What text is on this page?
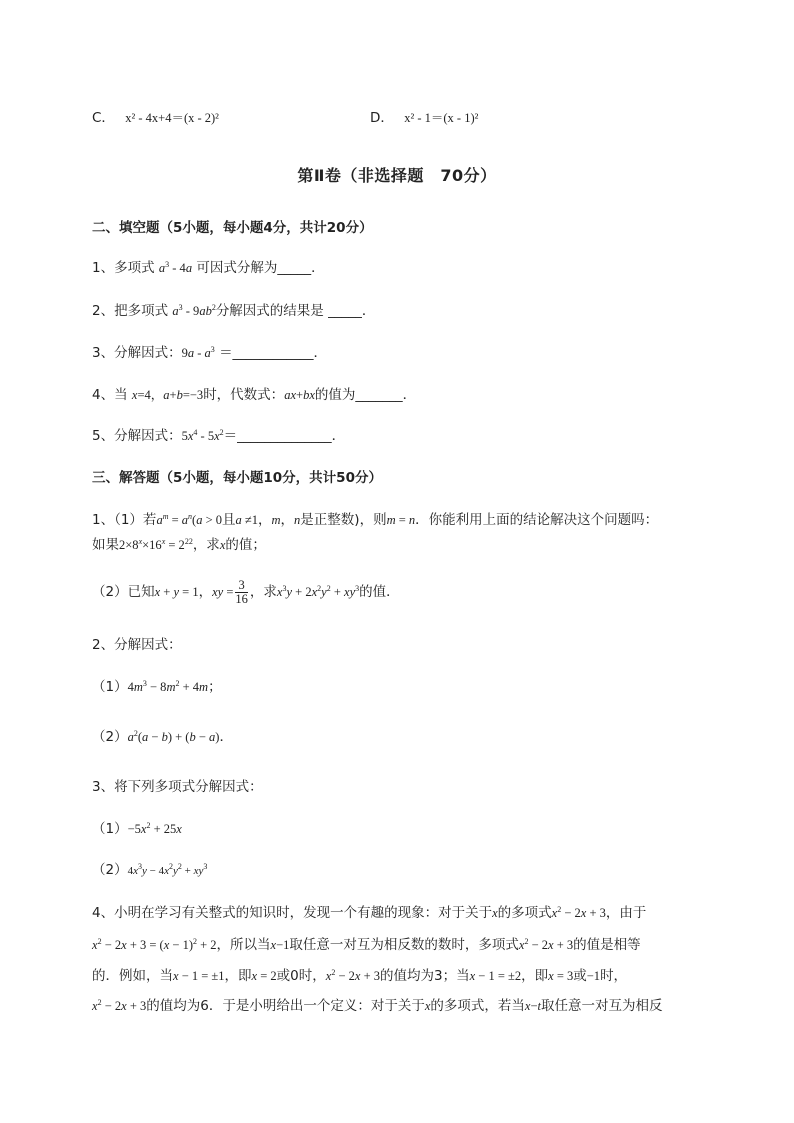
C． x² - 4x+4＝(x - 2)²	D． x² - 1＝(x - 1)²
第Ⅱ卷（非选择题　70分）
二、填空题（5小题，每小题4分，共计20分）
1、多项式 $a^3 - 4a$ 可因式分解为_____．
2、把多项式 $a^3 - 9ab^2$分解因式的结果是 _____．
3、分解因式：$9a - a^3$ ＝____________．
4、当 x=4，a+b=−3时，代数式：ax+bx的值为_______．
5、分解因式：$5x^4$ - $5x^2=\_\_\_\_\_\_\_\_\_\_\_\_\_\_$．
三、解答题（5小题，每小题10分，共计50分）
1、（1）若$a^m = a^n(a > 0$且a ≠1，m，n是正整数)，则m = n．你能利用上面的结论解决这个问题吗：
如果$2\times 8^x\times 16^x = 2^{22}$，求x的值；
（2）已知x + y = 1，xy = $\frac{3}{16}$ ，求$x^3y + 2x^2y^2 + xy^3$的值．
2、分解因式：
$(1)4m^3 - 8m^2 + 4m$；
$(2)a^2(a - b) + (b - a)$．
3、将下列多项式分解因式：
$(1)-5x^2 + 25x$
$(2)4x^3y - 4x^2y^2 + xy^3$
4、小明在学习有关整式的知识时，发现一个有趣的现象：对于关于x的多项式$x^2 - 2x + 3$，由于
$x^2 - 2x + 3 = (x - 1)^2 + 2$，所以当x−1取任意一对互为相反数的数时，多项式$x^2 - 2x + 3$的值是相等
的．例如，当x − 1 = ±1，即x = 2或0时，$x^2 - 2x + 3$的值均为3；当x − 1 = ±2，即x = 3或−1时，
$x^2 - 2x + 3$的值均为6．于是小明给出一个定义：对于关于x的多项式，若当x−t取任意一对互为相反
